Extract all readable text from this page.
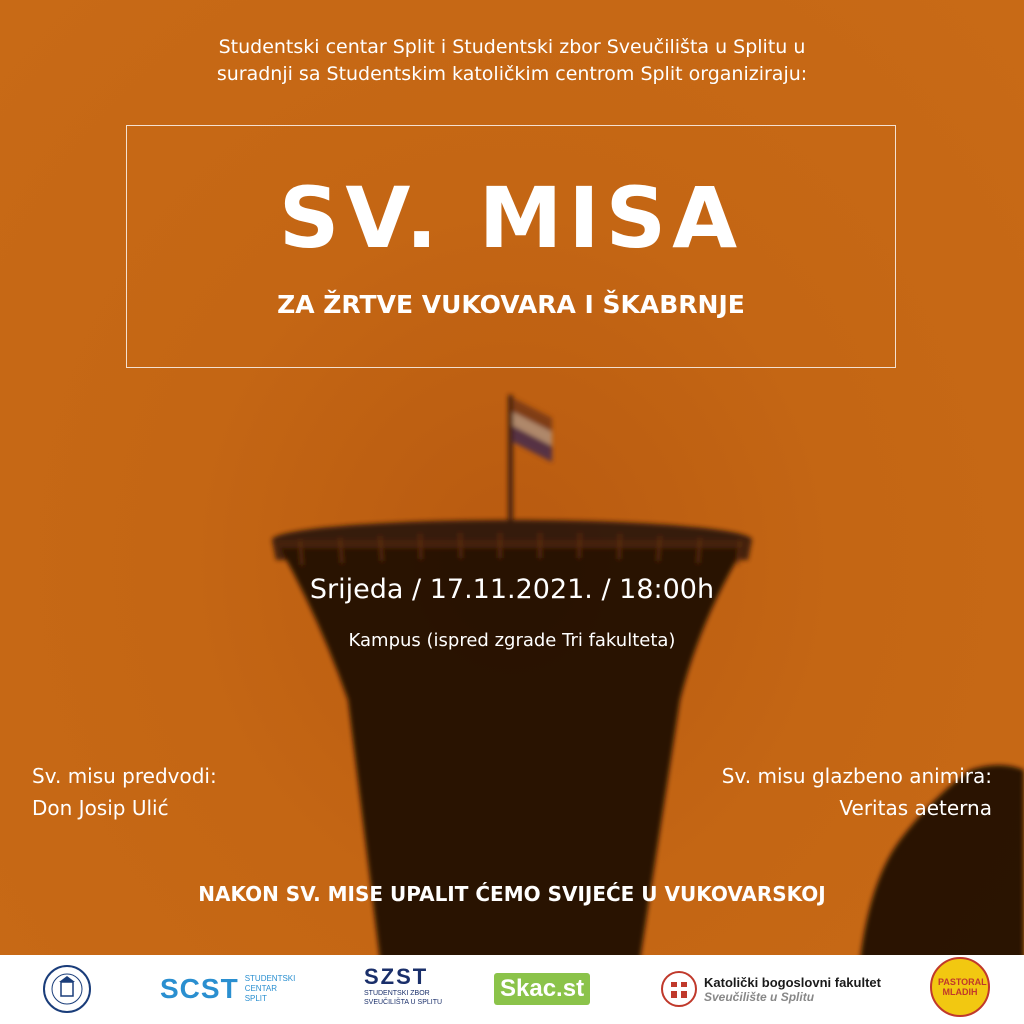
Studentski centar Split i Studentski zbor Sveučilišta u Splitu u
suradnji sa Studentskim katoličkim centrom Split organiziraju:
SV. MISA
ZA ŽRTVE VUKOVARA I ŠKABRNJE
Srijeda / 17.11.2021. / 18:00h
Kampus (ispred zgrade Tri fakulteta)
Sv. misu predvodi:
Don Josip Ulić
Sv. misu glazbeno animira:
Veritas aeterna
NAKON SV. MISE UPALIT ĆEMO SVIJEĆE U VUKOVARSKOJ
SCST STUDENTSKI
CENTAR
SPLIT
SZST
STUDENTSKI ZBOR
SVEUČILIŠTA U SPLITU
Skac.st	Katolički bogoslovni fakultet
Sveučilište u Splitu
PASTORAL MLADIH
